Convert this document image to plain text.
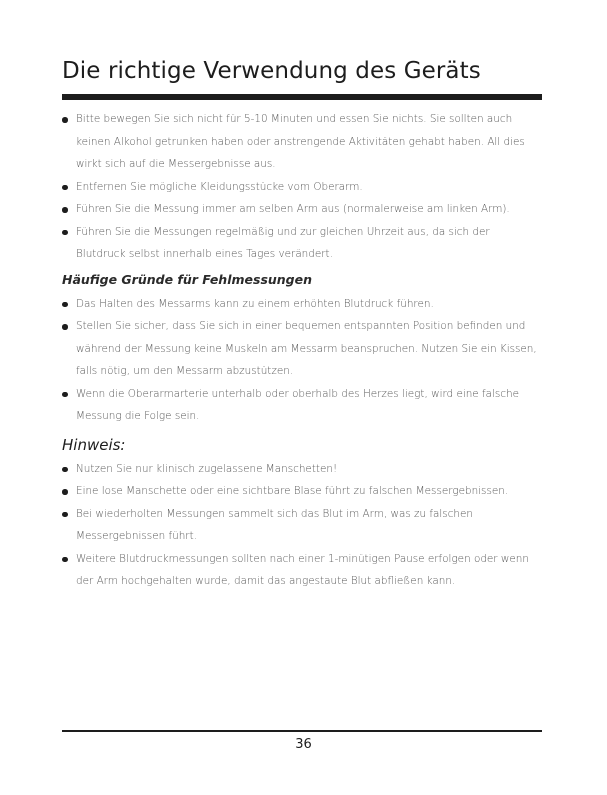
Die richtige Verwendung des Geräts
Bitte bewegen Sie sich nicht für 5-10 Minuten und essen Sie nichts. Sie sollten auch keinen Alkohol getrunken haben oder anstrengende Aktivitäten gehabt haben. All dies wirkt sich auf die Messergebnisse aus.
Entfernen Sie mögliche Kleidungsstücke vom Oberarm.
Führen Sie die Messung immer am selben Arm aus (normalerweise am linken Arm).
Führen Sie die Messungen regelmäßig und zur gleichen Uhrzeit aus, da sich der Blutdruck selbst innerhalb eines Tages verändert.
Häufige Gründe für Fehlmessungen
Das Halten des Messarms kann zu einem erhöhten Blutdruck führen.
Stellen Sie sicher, dass Sie sich in einer bequemen entspannten Position befinden und während der Messung keine Muskeln am Messarm beanspruchen. Nutzen Sie ein Kissen, falls nötig, um den Messarm abzustützen.
Wenn die Oberarmarterie unterhalb oder oberhalb des Herzes liegt, wird eine falsche Messung die Folge sein.
Hinweis:
Nutzen Sie nur klinisch zugelassene Manschetten!
Eine lose Manschette oder eine sichtbare Blase führt zu falschen Messergebnissen.
Bei wiederholten Messungen sammelt sich das Blut im Arm, was zu falschen Messergebnissen führt.
Weitere Blutdruckmessungen sollten nach einer 1-minütigen Pause erfolgen oder wenn der Arm hochgehalten wurde, damit das angestaute Blut abfließen kann.
36
